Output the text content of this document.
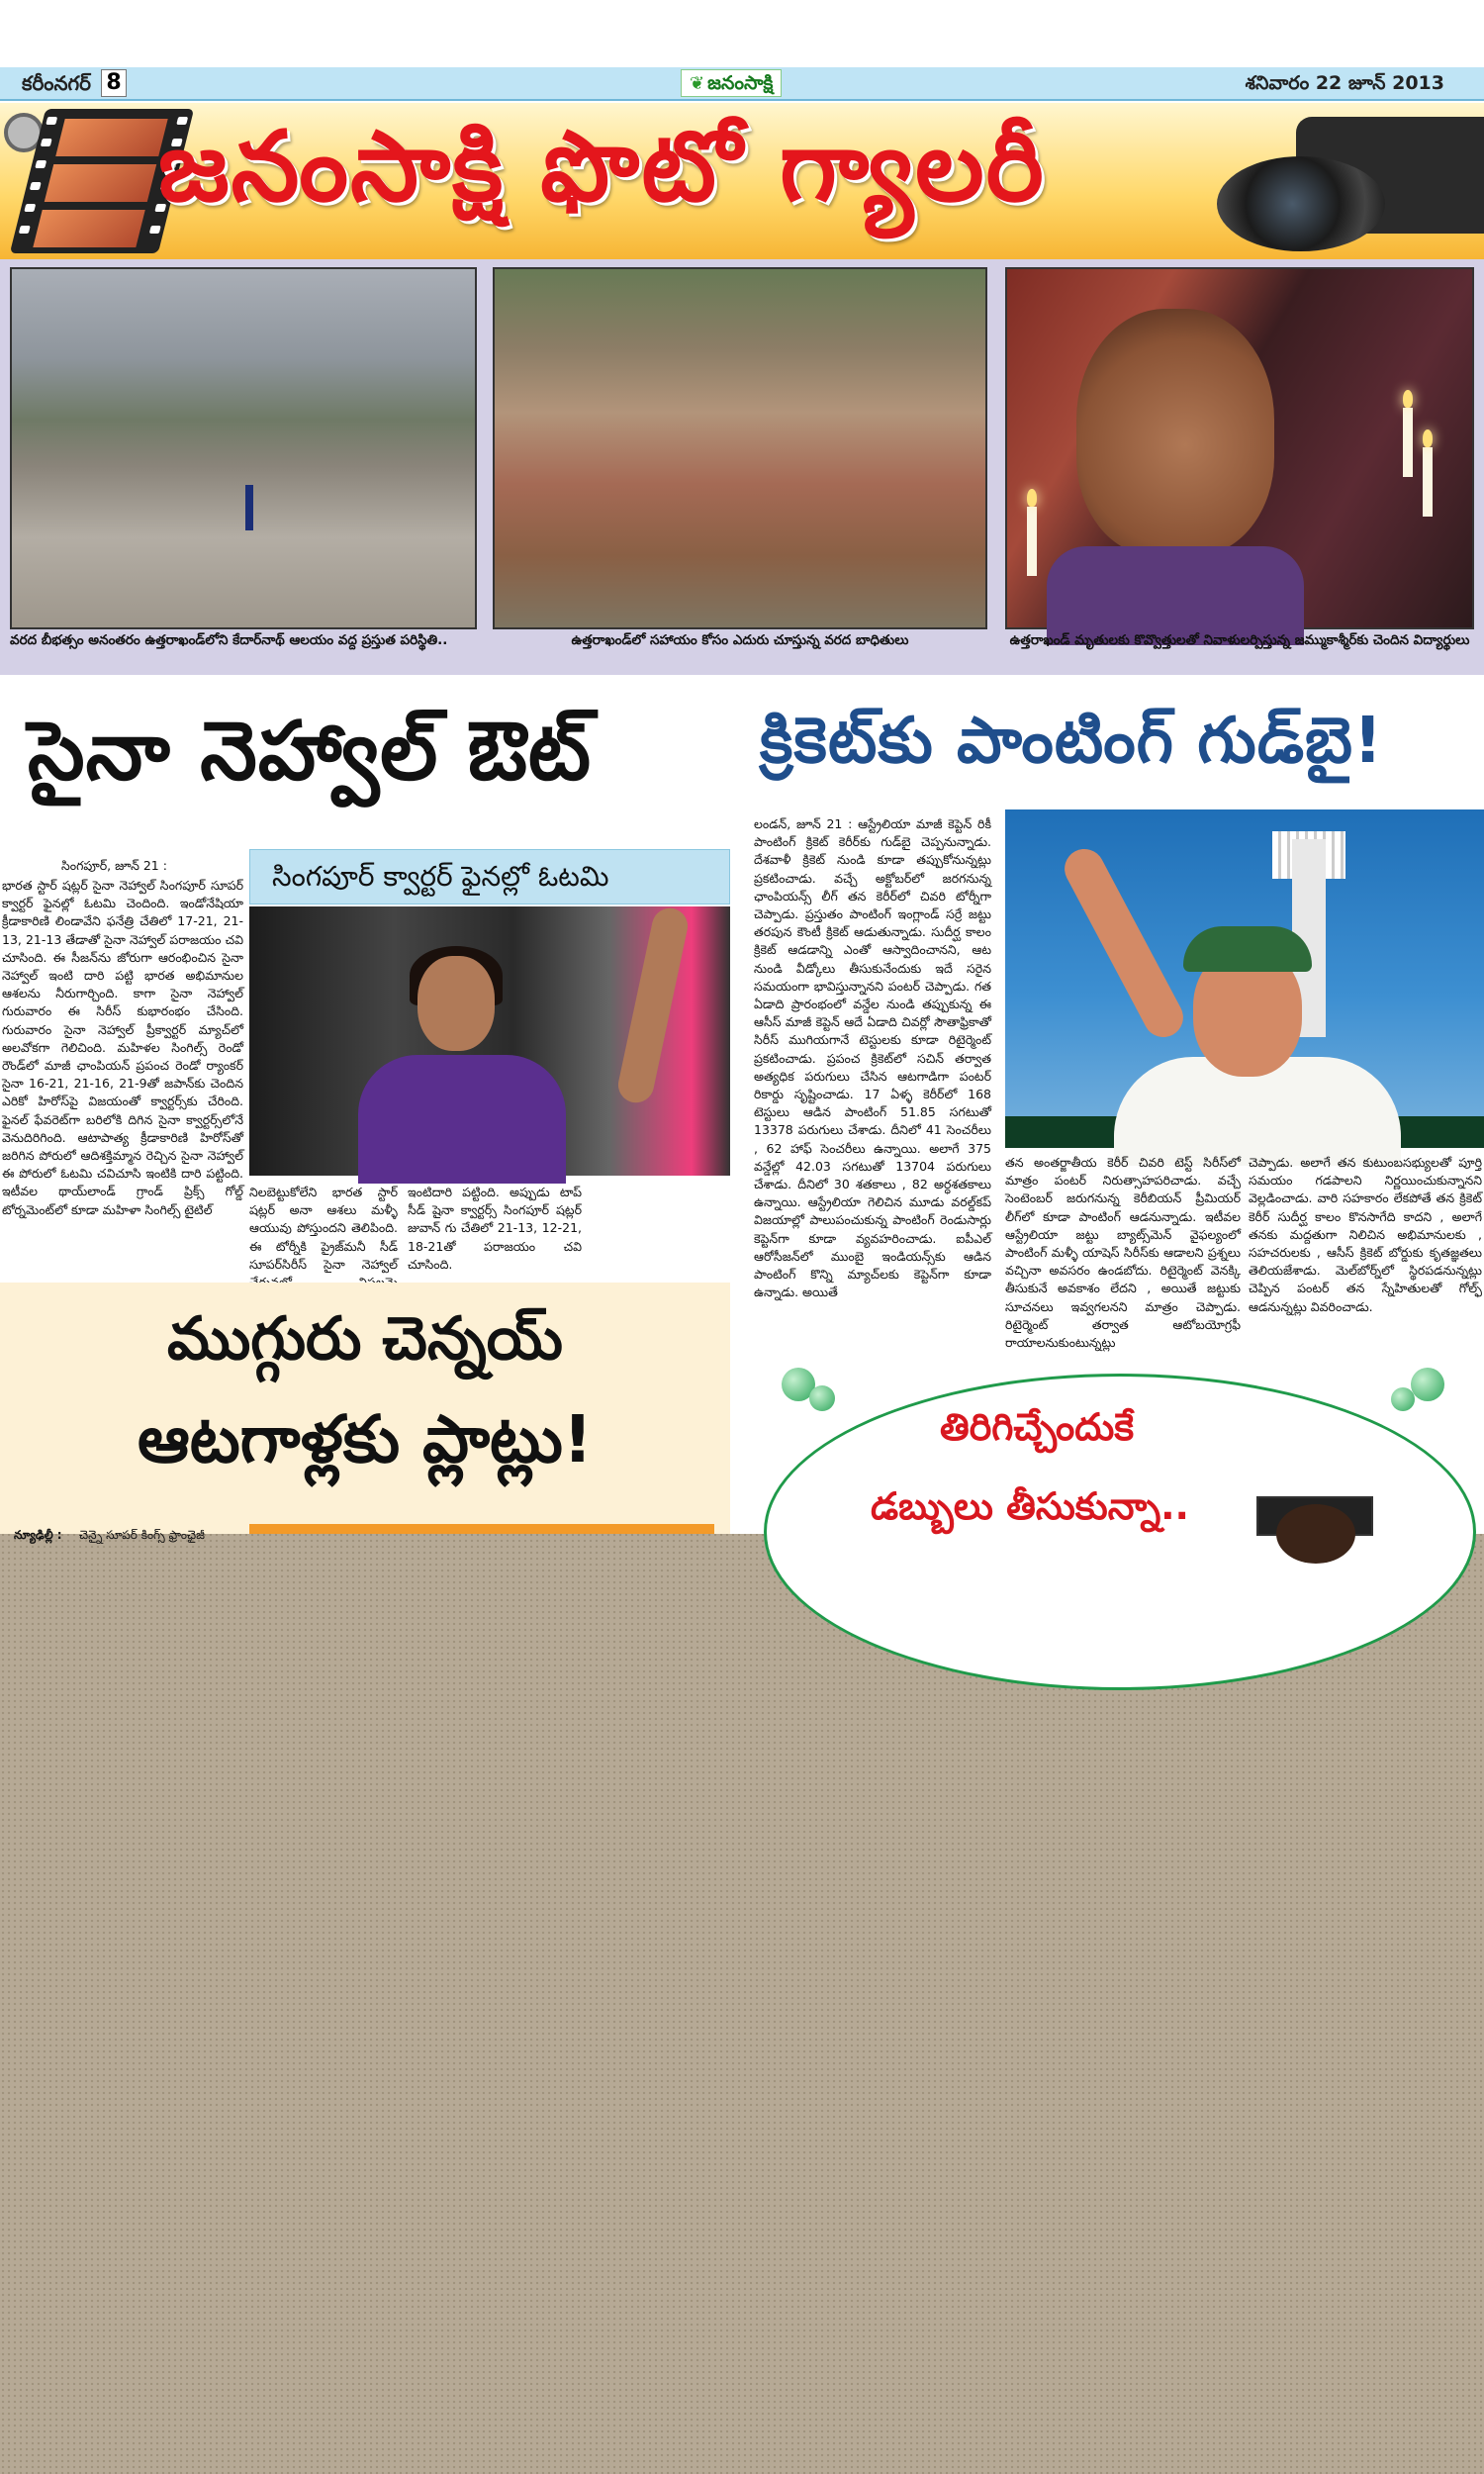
కరీంనగర్ 8	❦ జనంసాక్షి	శనివారం 22 జూన్ 2013
జనంసాక్షి ఫొటో గ్యాలరీ
వరద బీభత్సం అనంతరం ఉత్తరాఖండ్‌లోని కేదార్‌నాథ్ ఆలయం వద్ద ప్రస్తుత పరిస్థితి..	ఉత్తరాఖండ్‌లో సహాయం కోసం ఎదురు చూస్తున్న వరద బాధితులు	ఉత్తరాఖండ్ మృతులకు కొవ్వొత్తులతో నివాళులర్పిస్తున్న జమ్ముకాశ్మీర్‌కు చెందిన విద్యార్థులు
సైనా నెహ్వాల్ ఔట్
సింగపూర్, జూన్ 21 :
భారత స్టార్ షట్లర్ సైనా నెహ్వాల్ సింగపూర్ సూపర్ క్వార్టర్ ఫైనల్లో ఓటమి చెందింది. ఇండోనేషియా క్రీడాకారిణి లిండావేని ఫనేత్రి చేతిలో 17-21, 21-13, 21-13 తేడాతో సైనా నెహ్వాల్ పరాజయం చవి చూసింది. ఈ సీజన్‌ను జోరుగా ఆరంభించిన సైనా నెహ్వాల్ ఇంటి దారి పట్టి భారత అభిమానుల ఆశలను నీరుగార్చింది. కాగా సైనా నెహ్వాల్ గురువారం ఈ సిరీస్ కుభారంభం చేసింది. గురువారం సైనా నెహ్వాల్ ప్రీక్వార్టర్ మ్యాచ్‌లో అలవోకగా గెలిచింది. మహిళల సింగిల్స్ రెండో రౌండ్‌లో మాజీ ఛాంపియన్ ప్రపంచ రెండో ర్యాంకర్ సైనా 16-21, 21-16, 21-9తో జపాన్‌కు చెందిన ఎరికో హిరోస్‌పై విజయంతో క్వార్టర్స్‌కు చేరింది. ఫైనల్ ఫేవరెట్‌గా బరిలోకి దిగిన సైనా క్వార్టర్స్‌లోనే వెనుదిరిగింది. ఆటాపాత్య క్రీడాకారిణి హిరోస్‌తో జరిగిన పోరులో ఆదిశక్తిమ్మాన రెచ్చిన సైనా నెహ్వాల్ ఈ పోరులో ఓటమి చవిచూసి ఇంటికి దారి పట్టింది. ఇటీవల థాయ్‌లాండ్ గ్రాండ్ ప్రిక్స్ గోల్డ్ టోర్నమెంట్‌లో కూడా మహిళా సింగిల్స్ టైటిల్
సింగపూర్ క్వార్టర్ ఫైనల్లో ఓటమి
నిలబెట్టుకోలేని భారత స్టార్ షట్లర్ అనా ఆశలు మళ్ళీ ఆయువు పోస్తుందని తెలిపింది. ఈ టోర్నీకి ప్రైజ్‌మనీ సీడ్ సూపర్‌సిరీస్ సైనా నెహ్వాల్
ఇంటిదారి పట్టింది. అప్పుడు టాప్ సీడ్ షైనా క్వార్టర్స్ సింగపూర్ షట్లర్ జువాన్ గు చేతిలో 21-13, 12-21, 18-21తో పరాజయం చవి చూసింది.
క్రికెట్‌కు పాంటింగ్ గుడ్‌బై!
లండన్, జూన్ 21 : ఆస్ట్రేలియా మాజీ కెప్టెన్ రికీ పాంటింగ్ క్రికెట్ కెరీర్‌కు గుడ్‌బై చెప్పనున్నాడు. దేశవాళీ క్రికెట్ నుండి కూడా తప్పుకోనున్నట్లు ప్రకటించాడు. వచ్చే అక్టోబర్‌లో జరగనున్న ఛాంపియన్స్ లీగ్ తన కెరీర్‌లో చివరి టోర్నీగా చెప్పాడు. ప్రస్తుతం పాంటింగ్ ఇంగ్లాండ్ సర్రే జట్టు తరపున కౌంటీ క్రికెట్ ఆడుతున్నాడు. సుదీర్ఘ కాలం క్రికెట్ ఆడడాన్ని ఎంతో ఆస్వాదించానని, ఆట నుండి వీడ్కోలు తీసుకునేందుకు ఇదే సరైన సమయంగా భావిస్తున్నానని పంటర్ చెప్పాడు. గత ఏడాది ప్రారంభంలో వన్డేల నుండి తప్పుకున్న ఈ ఆసీస్ మాజీ కెప్టెన్ ఆదే ఏడాది చివర్లో సౌతాఫ్రికాతో సిరీస్ ముగియగానే టెస్టులకు కూడా రిటైర్మెంట్ ప్రకటించాడు. ప్రపంచ క్రికెట్‌లో సచిన్ తర్వాత అత్యధిక పరుగులు చేసిన ఆటగాడిగా పంటర్ రికార్డు సృష్టించాడు. 17 ఏళ్ళ కెరీర్‌లో 168 టెస్టులు ఆడిన పాంటింగ్ 51.85 సగటుతో 13378 పరుగులు చేశాడు. దీనిలో 41 సెంచరీలు , 62 హాఫ్ సెంచరీలు ఉన్నాయి. అలాగే 375 వన్డేల్లో 42.03 సగటుతో 13704 పరుగులు చేశాడు. దీనిలో 30 శతకాలు , 82 అర్ధశతకాలు ఉన్నాయి. ఆస్ట్రేలియా గెలిచిన మూడు వరల్డ్‌కప్ విజయాల్లో పాలుపంచుకున్న పాంటింగ్ రెండుసార్లు కెప్టెన్‌గా కూడా వ్యవహరించాడు. ఐపీఎల్ ఆరోసీజన్‌లో ముంబై ఇండియన్స్‌కు ఆడిన పాంటింగ్ కొన్ని మ్యాచ్‌లకు కెప్టెన్‌గా కూడా ఉన్నాడు. అయితే
తన అంతర్జాతీయ కెరీర్ చివరి టెస్ట్ సిరీస్‌లో మాత్రం పంటర్ నిరుత్సాహపరిచాడు. వచ్చే సెంటెంబర్ జరుగనున్న కెరీబియన్ ప్రీమియర్ లీగ్‌లో కూడా పాంటింగ్ ఆడనున్నాడు. ఇటీవల ఆస్ట్రేలియా జట్టు బ్యాట్స్‌మెన్ వైఫల్యంలో పాంటింగ్ మళ్ళీ యాషెస్ సిరీస్‌కు ఆడాలని ప్రశ్నలు వచ్చినా అవసరం ఉండబోదు. రిటైర్మెంట్ వెనక్కి తీసుకునే అవకాశం లేదని , అయితే జట్టుకు సూచనలు ఇవ్వగలనని మాత్రం చెప్పాడు. రిటైర్మెంట్ తర్వాత ఆటోబయోగ్రఫీ రాయాలనుకుంటున్నట్లు
చెప్పాడు. అలాగే తన కుటుంబసభ్యులతో పూర్తి సమయం గడపాలని నిర్ణయించుకున్నానని వెల్లడించాడు. వారి సహకారం లేకపోతే తన క్రికెట్ కెరీర్ సుదీర్ఘ కాలం కొనసాగేది కాదని , అలాగే తనకు మద్దతుగా నిలిచిన అభిమానులకు , సహచరులకు , ఆసీస్ క్రికెట్ బోర్డుకు కృతజ్ఞతలు తెలియజేశాడు. మెల్‌బోర్న్‌లో స్థిరపడనున్నట్లు చెప్పిన పంటర్ తన స్నేహితులతో గోల్ఫ్ ఆడనున్నట్లు వివరించాడు.
ముగ్గురు చెన్నయ్
ఆటగాళ్లకు ప్లాట్లు!
న్యూఢిల్లీ : చెన్నై సూపర్ కింగ్స్ ఫ్రాంఛైజీ
తిరిగిచ్చేందుకే
డబ్బులు తీసుకున్నా..
